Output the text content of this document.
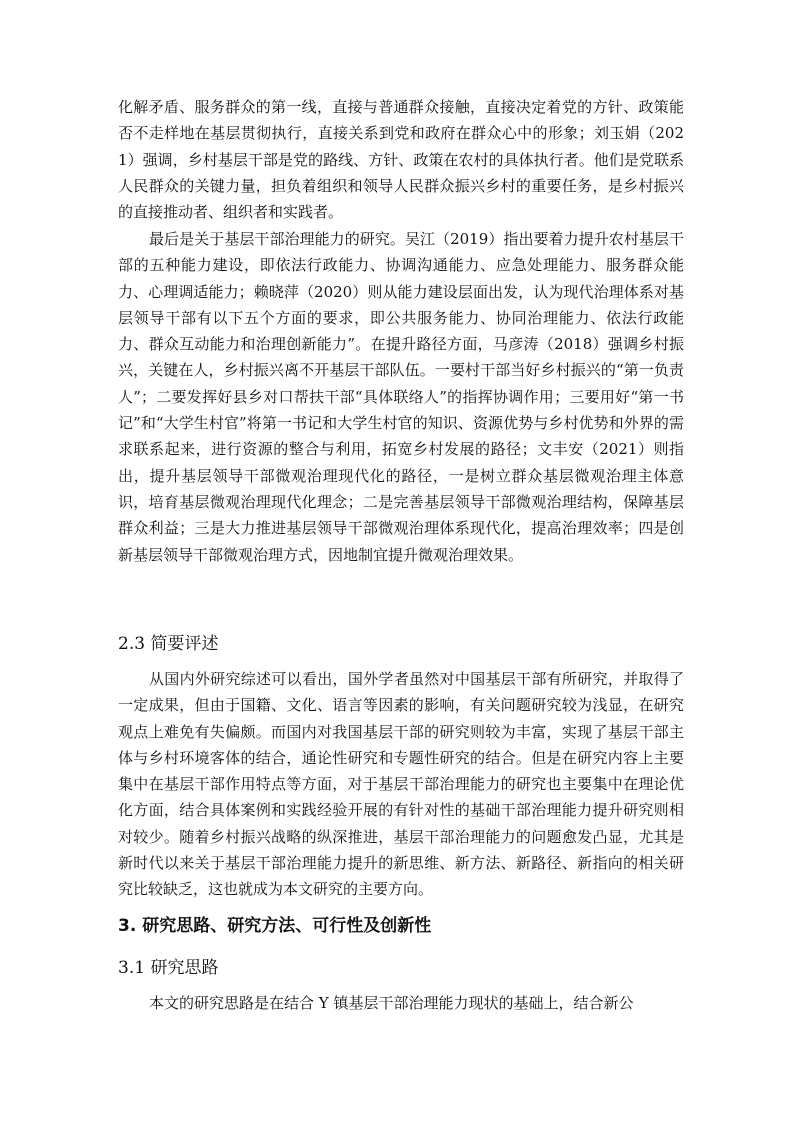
化解矛盾、服务群众的第一线，直接与普通群众接触，直接决定着党的方针、政策能否不走样地在基层贯彻执行，直接关系到党和政府在群众心中的形象；刘玉娟（2021）强调，乡村基层干部是党的路线、方针、政策在农村的具体执行者。他们是党联系人民群众的关键力量，担负着组织和领导人民群众振兴乡村的重要任务，是乡村振兴的直接推动者、组织者和实践者。

最后是关于基层干部治理能力的研究。吴江（2019）指出要着力提升农村基层干部的五种能力建设，即依法行政能力、协调沟通能力、应急处理能力、服务群众能力、心理调适能力；赖晓萍（2020）则从能力建设层面出发，认为现代治理体系对基层领导干部有以下五个方面的要求，即公共服务能力、协同治理能力、依法行政能力、群众互动能力和治理创新能力”。在提升路径方面，马彦涛（2018）强调乡村振兴，关键在人，乡村振兴离不开基层干部队伍。一要村干部当好乡村振兴的“第一负责人”；二要发挥好县乡对口帮扶干部“具体联络人”的指挥协调作用；三要用好“第一书记”和“大学生村官”将第一书记和大学生村官的知识、资源优势与乡村优势和外界的需求联系起来，进行资源的整合与利用，拓宽乡村发展的路径；文丰安（2021）则指出，提升基层领导干部微观治理现代化的路径，一是树立群众基层微观治理主体意识，培育基层微观治理现代化理念；二是完善基层领导干部微观治理结构，保障基层群众利益；三是大力推进基层领导干部微观治理体系现代化，提高治理效率；四是创新基层领导干部微观治理方式，因地制宜提升微观治理效果。

2.3 简要评述

从国内外研究综述可以看出，国外学者虽然对中国基层干部有所研究，并取得了一定成果，但由于国籍、文化、语言等因素的影响，有关问题研究较为浅显，在研究观点上难免有失偏颇。而国内对我国基层干部的研究则较为丰富，实现了基层干部主体与乡村环境客体的结合，通论性研究和专题性研究的结合。但是在研究内容上主要集中在基层干部作用特点等方面，对于基层干部治理能力的研究也主要集中在理论优化方面，结合具体案例和实践经验开展的有针对性的基础干部治理能力提升研究则相对较少。随着乡村振兴战略的纵深推进，基层干部治理能力的问题愈发凸显，尤其是新时代以来关于基层干部治理能力提升的新思维、新方法、新路径、新指向的相关研究比较缺乏，这也就成为本文研究的主要方向。

3. 研究思路、研究方法、可行性及创新性
3.1 研究思路

本文的研究思路是在结合 Y 镇基层干部治理能力现状的基础上，结合新公
